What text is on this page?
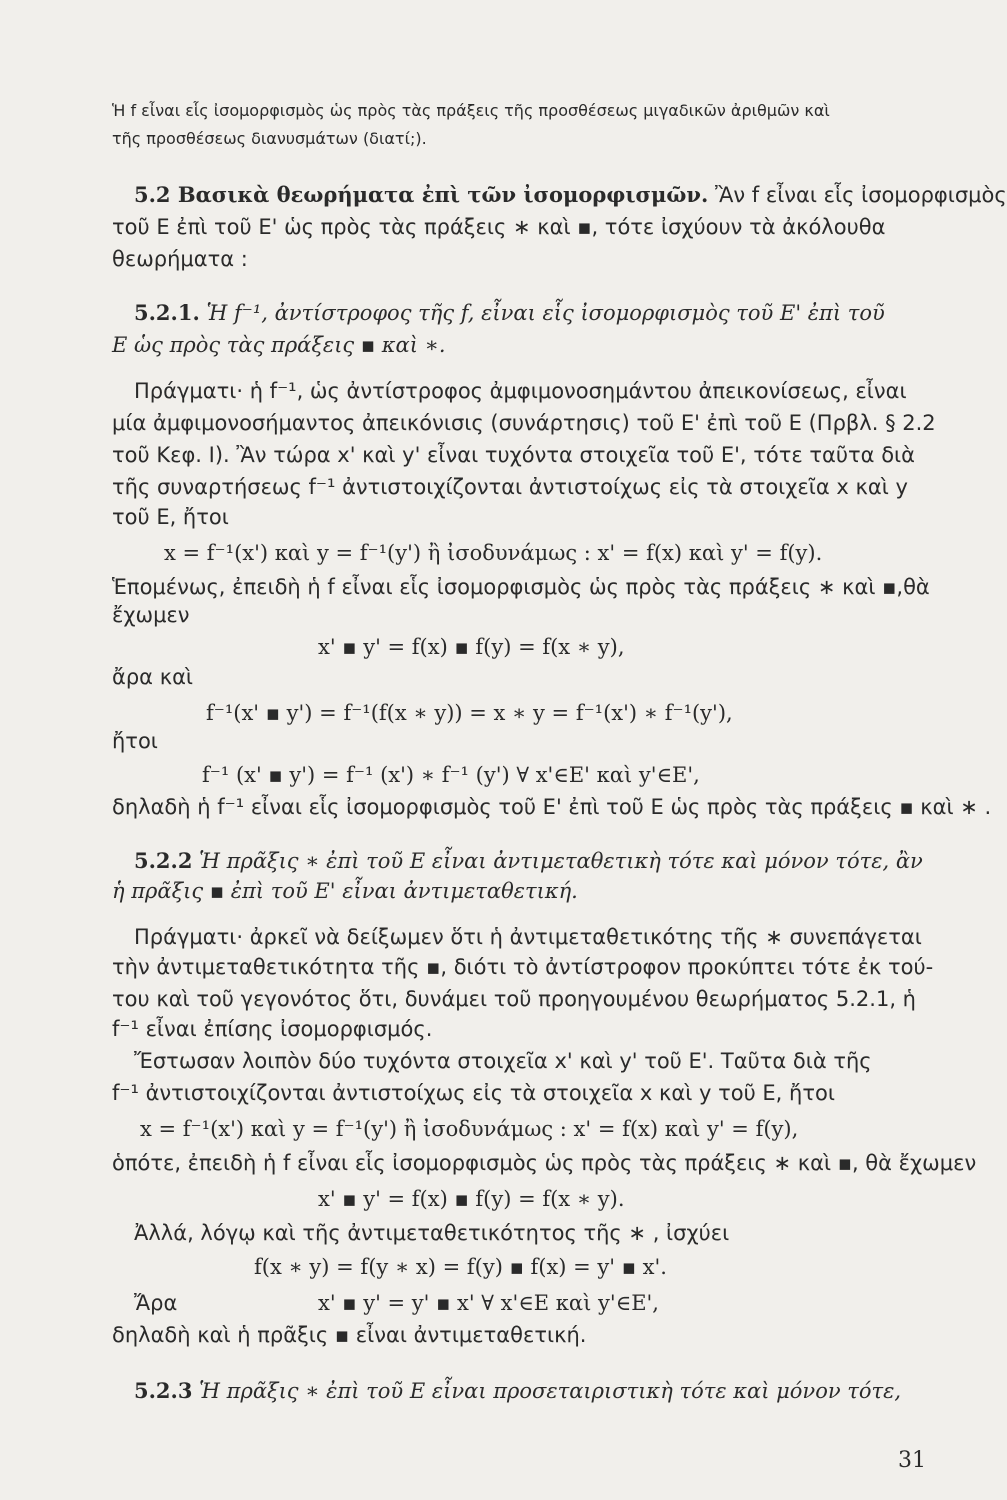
Ἡ f εἶναι εἷς ἰσομορφισμὸς ὡς πρὸς τὰς πράξεις τῆς προσθέσεως μιγαδικῶν ἀριθμῶν καὶ
τῆς προσθέσεως διανυσμάτων (διατί;).
5.2 Βασικὰ θεωρήματα ἐπὶ τῶν ἰσομορφισμῶν. Ἂν f εἶναι εἷς ἰσομορφισμὸς
τοῦ Ε ἐπὶ τοῦ Ε' ὡς πρὸς τὰς πράξεις ∗ καὶ ▪, τότε ἰσχύουν τὰ ἀκόλουθα
θεωρήματα :
5.2.1. Ἡ f⁻¹, ἀντίστροφος τῆς f, εἶναι εἷς ἰσομορφισμὸς τοῦ Ε' ἐπὶ τοῦ
Ε ὡς πρὸς τὰς πράξεις ▪ καὶ ∗.
Πράγματι· ἡ f⁻¹, ὡς ἀντίστροφος ἀμφιμονοσημάντου ἀπεικονίσεως, εἶναι
μία ἀμφιμονοσήμαντος ἀπεικόνισις (συνάρτησις) τοῦ Ε' ἐπὶ τοῦ Ε (Πρβλ. § 2.2
τοῦ Κεφ. Ι). Ἂν τώρα x' καὶ y' εἶναι τυχόντα στοιχεῖα τοῦ Ε', τότε ταῦτα διὰ
τῆς συναρτήσεως f⁻¹ ἀντιστοιχίζονται ἀντιστοίχως εἰς τὰ στοιχεῖα x καὶ y
τοῦ Ε, ἤτοι
x = f⁻¹(x') καὶ y = f⁻¹(y') ἢ ἰσοδυνάμως : x' = f(x) καὶ y' = f(y).
Ἑπομένως, ἐπειδὴ ἡ f εἶναι εἷς ἰσομορφισμὸς ὡς πρὸς τὰς πράξεις ∗ καὶ ▪,θὰ
ἔχωμεν
x' ▪ y' = f(x) ▪ f(y) = f(x ∗ y),
ἄρα καὶ
f⁻¹(x' ▪ y') = f⁻¹(f(x ∗ y)) = x ∗ y = f⁻¹(x') ∗ f⁻¹(y'),
ἤτοι
f⁻¹ (x' ▪ y') = f⁻¹ (x') ∗ f⁻¹ (y') ∀ x'∈Ε' καὶ y'∈Ε',
δηλαδὴ ἡ f⁻¹ εἶναι εἷς ἰσομορφισμὸς τοῦ Ε' ἐπὶ τοῦ Ε ὡς πρὸς τὰς πράξεις ▪ καὶ ∗ .
5.2.2 Ἡ πρᾶξις ∗ ἐπὶ τοῦ Ε εἶναι ἀντιμεταθετικὴ τότε καὶ μόνον τότε, ἂν
ἡ πρᾶξις ▪ ἐπὶ τοῦ Ε' εἶναι ἀντιμεταθετική.
Πράγματι· ἀρκεῖ νὰ δείξωμεν ὅτι ἡ ἀντιμεταθετικότης τῆς ∗ συνεπάγεται
τὴν ἀντιμεταθετικότητα τῆς ▪, διότι τὸ ἀντίστροφον προκύπτει τότε ἐκ τού-
του καὶ τοῦ γεγονότος ὅτι, δυνάμει τοῦ προηγουμένου θεωρήματος 5.2.1, ἡ
f⁻¹ εἶναι ἐπίσης ἰσομορφισμός.
Ἔστωσαν λοιπὸν δύο τυχόντα στοιχεῖα x' καὶ y' τοῦ Ε'. Ταῦτα διὰ τῆς
f⁻¹ ἀντιστοιχίζονται ἀντιστοίχως εἰς τὰ στοιχεῖα x καὶ y τοῦ Ε, ἤτοι
x = f⁻¹(x') καὶ y = f⁻¹(y') ἢ ἰσοδυνάμως : x' = f(x) καὶ y' = f(y),
ὁπότε, ἐπειδὴ ἡ f εἶναι εἷς ἰσομορφισμὸς ὡς πρὸς τὰς πράξεις ∗ καὶ ▪, θὰ ἔχωμεν
x' ▪ y' = f(x) ▪ f(y) = f(x ∗ y).
Ἀλλά, λόγῳ καὶ τῆς ἀντιμεταθετικότητος τῆς ∗ , ἰσχύει
f(x ∗ y) = f(y ∗ x) = f(y) ▪ f(x) = y' ▪ x'.
Ἄρα	x' ▪ y' = y' ▪ x' ∀ x'∈Ε καὶ y'∈Ε',
δηλαδὴ καὶ ἡ πρᾶξις ▪ εἶναι ἀντιμεταθετική.
5.2.3 Ἡ πρᾶξις ∗ ἐπὶ τοῦ Ε εἶναι προσεταιριστικὴ τότε καὶ μόνον τότε,
31
